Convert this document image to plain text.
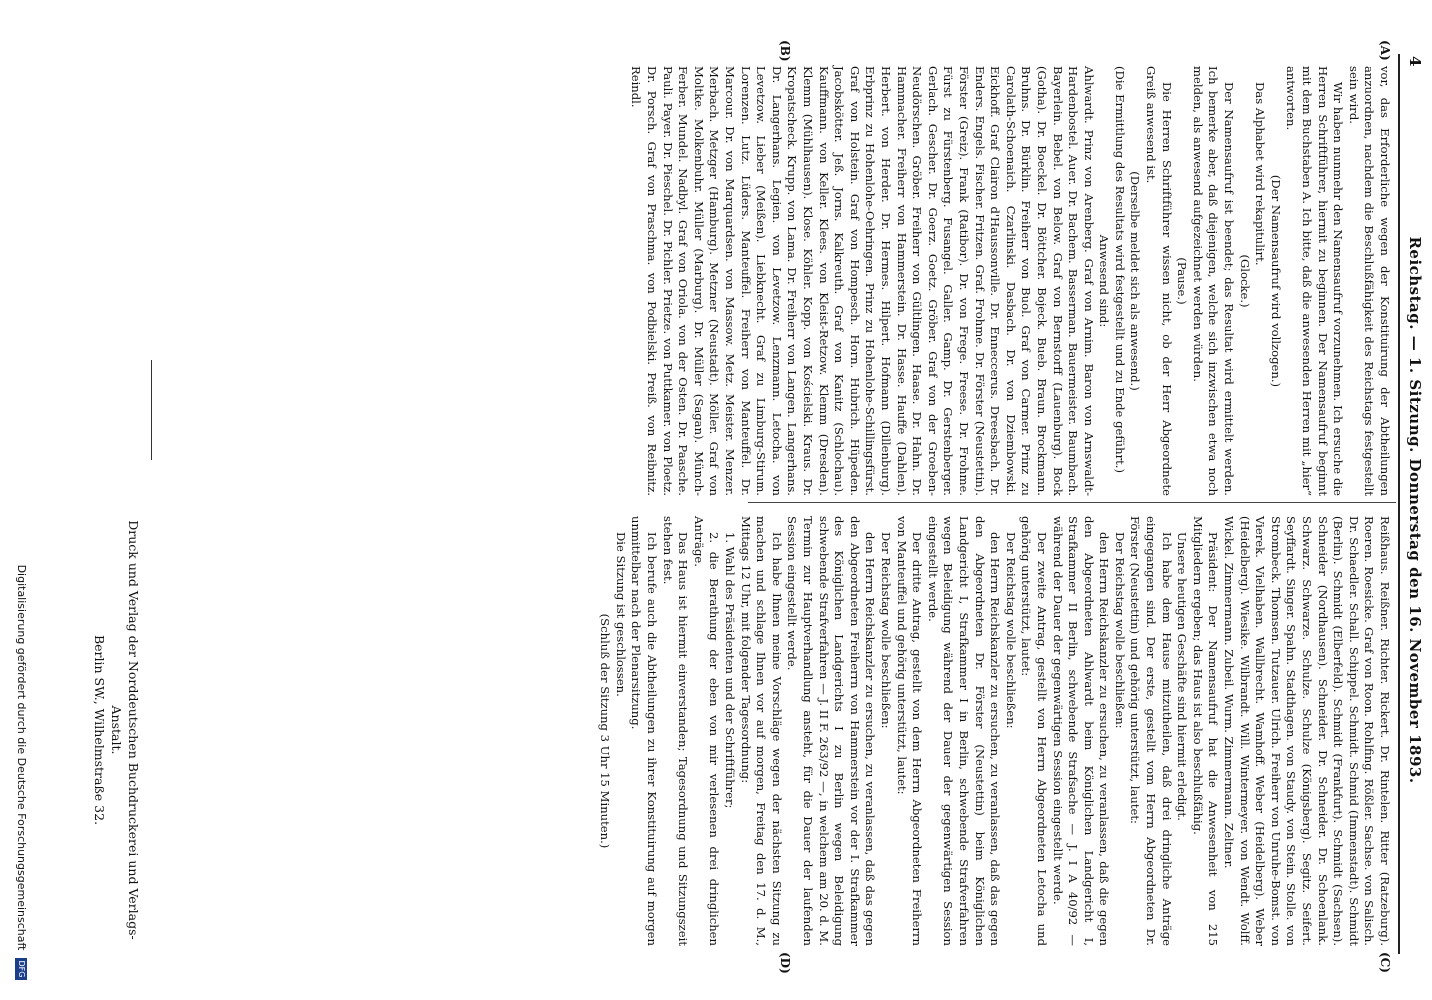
4
Reichstag. — 1. Sitzung. Donnerstag den 16. November 1893.
(A)
(B)
(C)
(D)

vor, das Erforderliche wegen der Konstituirung der Abtheilungen anzuordnen, nachdem die Beschlußfähigkeit des Reichstags festgestellt sein wird.

Wir haben nunmehr den Namensaufruf vorzunehmen. Ich ersuche die Herren Schriftführer, hiermit zu beginnen. Der Namensaufruf beginnt mit dem Buchstaben A. Ich bitte, daß die anwesenden Herren mit „hier“ antworten.

(Der Namensaufruf wird vollzogen.)

Das Alphabet wird rekapitulirt.

(Glocke.)

Der Namensaufruf ist beendet; das Resultat wird ermittelt werden. Ich bemerke aber, daß diejenigen, welche sich inzwischen etwa noch melden, als anwesend aufgezeichnet werden würden.

(Pause.)

Die Herren Schriftführer wissen nicht, ob der Herr Abgeordnete Greiß anwesend ist.

(Derselbe meldet sich als anwesend.)

(Die Ermittlung des Resultats wird festgestellt und zu Ende geführt.)

Anwesend sind:

Ahlwardt. Prinz von Arenberg. Graf von Arnim. Baron von Arnswaldt-Hardenbostel. Auer. Dr. Bachem. Basserman. Bauermeister. Baumbach. Bayerlein. Bebel. von Below. Graf von Bernstorff (Lauenburg). Bock (Gotha). Dr. Boeckel. Dr. Böttcher. Bojeck. Bueb. Braun. Brockmann. Bruhns. Dr. Bürklin. Freiherr von Buol. Graf von Carmer. Prinz zu Carolath-Schoenaich. Czarlinski. Dasbach. Dr. von Dziembowski. Eickhoff. Graf Clairon d'Haussonville. Dr. Enneccerus. Dreesbach. Dr. Enders. Engels. Fischer. Fritzen. Graf. Frohme. Dr. Förster (Neustettin). Förster (Greiz). Frank (Ratibor). Dr. von Frege. Freese. Dr. Frohme. Fürst zu Fürstenberg. Fusangel. Galler. Gamp. Dr. Gerstenberger. Gerlach. Gescher. Dr. Goerz. Goetz. Gröber. Graf von der Groeben-Neudörschen. Gröber. Freiherr von Gültlingen. Haase. Dr. Hahn. Dr. Hammacher. Freiherr von Hammerstein. Dr. Hasse. Hauffe (Dahlen). Herbert. von Herder. Dr. Hermes. Hilpert. Hofmann (Dillenburg). Erbprinz zu Hohenlohe-Oehringen. Prinz zu Hohenlohe-Schillingsfürst. Graf von Holstein. Graf von Hompesch. Horn. Hubrich. Hüpeden. Jacobskötter. Jeß. Jorns. Kalkreuth. Graf von Kanitz (Schlochau). Kauffmann. von Keller. Klees. von Kleist-Retzow. Klemm (Dresden). Klemm (Mühlhausen). Klose. Köhler. Kopp. von Kościelski. Kraus. Dr. Kropatscheck. Krupp. von Lama. Dr. Freiherr von Langen. Langerhans. Dr. Langerhans. Legien. von Levetzow. Lenzmann. Letocha. von Levetzow. Lieber (Meißen). Liebknecht. Graf zu Limburg-Stirum. Lorenzen. Lutz. Lüders. Manteuffel. Freiherr von Manteuffel. Dr. Marcour. Dr. von Marquardsen. von Massow. Metz. Meister. Menzer. Merbach. Metzger (Hamburg). Metzner (Neustadt). Möller. Graf von Moltke. Molkenbuhr. Müller (Marburg). Dr. Müller (Sagan). Münch-Ferber. Mundel. Nadbyl. Graf von Oriola. von der Osten. Dr. Paasche. Pauli. Payer. Dr. Pieschel. Dr. Pichler. Prietze. von Puttkamer. von Ploetz. Dr. Porsch. Graf von Praschma. von Podbielski. Preiß. von Reibnitz. Reindl.

Reißhaus. Reißner. Richter. Rickert. Dr. Rintelen. Ritter (Ratzeburg). Roeren. Roesicke. Graf von Roon. Rohlfing. Rößler. Sachse. von Salisch. Dr. Schaedler. Schall. Schippel. Schmidt. Schmid (Immenstadt). Schmidt (Berlin). Schmidt (Elberfeld). Schmidt (Frankfurt). Schmidt (Sachsen). Schneider (Nordhausen). Schneider. Dr. Schneider. Dr. Schoenlank. Schwarz. Schwarze. Schulze. Schulze (Königsberg). Segitz. Seifert. Seyffardt. Singer. Spahn. Stadthagen. von Staudy. von Stein. Stolle. von Strombeck. Thomsen. Tutzauer. Ulrich. Freiherr von Unruhe-Bomst. von Vierek. Vielhaben. Wallbrecht. Wamhoff. Weber (Heidelberg). Weber (Heidelberg). Wiesike. Wilbrandt. Will. Wintermeyer. von Wendt. Wolff. Wickel. Zimmermann. Zubeil. Wurm. Zimmermann. Zeltner.

Präsident: Der Namensaufruf hat die Anwesenheit von 215 Mitgliedern ergeben; das Haus ist also beschlußfähig.

Unsere heutigen Geschäfte sind hiermit erledigt.

Ich habe dem Hause mitzutheilen, daß drei dringliche Anträge eingegangen sind. Der erste, gestellt vom Herrn Abgeordneten Dr. Förster (Neustettin) und gehörig unterstützt, lautet:

Der Reichstag wolle beschließen:

den Herrn Reichskanzler zu ersuchen, zu veranlassen, daß die gegen den Abgeordneten Ahlwardt beim Königlichen Landgericht I, Strafkammer II Berlin, schwebende Strafsache — J. I A 40/92 — während der Dauer der gegenwärtigen Session eingestellt werde.

Der zweite Antrag, gestellt von Herrn Abgeordneten Letocha und gehörig unterstützt, lautet:

Der Reichstag wolle beschließen:

den Herrn Reichskanzler zu ersuchen, zu veranlassen, daß das gegen den Abgeordneten Dr. Förster (Neustettin) beim Königlichen Landgericht I, Strafkammer I in Berlin, schwebende Strafverfahren wegen Beleidigung während der Dauer der gegenwärtigen Session eingestellt werde.

Der dritte Antrag, gestellt von dem Herrn Abgeordneten Freiherrn von Manteuffel und gehörig unterstützt, lautet:

Der Reichstag wolle beschließen:

den Herrn Reichskanzler zu ersuchen, zu veranlassen, daß das gegen den Abgeordneten Freiherrn von Hammerstein vor der I. Strafkammer des Königlichen Landgerichts I zu Berlin wegen Beleidigung schwebende Strafverfahren — J. II F. 263/92 —, in welchem am 20. d. M. Termin zur Hauptverhandlung ansteht, für die Dauer der laufenden Session eingestellt werde.

Ich habe Ihnen meine Vorschläge wegen der nächsten Sitzung zu machen und schlage Ihnen vor auf morgen, Freitag den 17. d. M., Mittags 12 Uhr, mit folgender Tagesordnung:

1. Wahl des Präsidenten und der Schriftführer;

2. die Berathung der eben von mir verlesenen drei dringlichen Anträge.

Das Haus ist hiermit einverstanden; Tagesordnung und Sitzungszeit stehen fest.

Ich berufe auch die Abtheilungen zu ihrer Konstituirung auf morgen unmittelbar nach der Plenarsitzung.

Die Sitzung ist geschlossen.

(Schluß der Sitzung 3 Uhr 15 Minuten.)

Druck und Verlag der Norddeutschen Buchdruckerei und Verlags-Anstalt.
Berlin SW., Wilhelmstraße 32.
Digitalisierung gefördert durch die Deutsche Forschungsgemeinschaft DFG
